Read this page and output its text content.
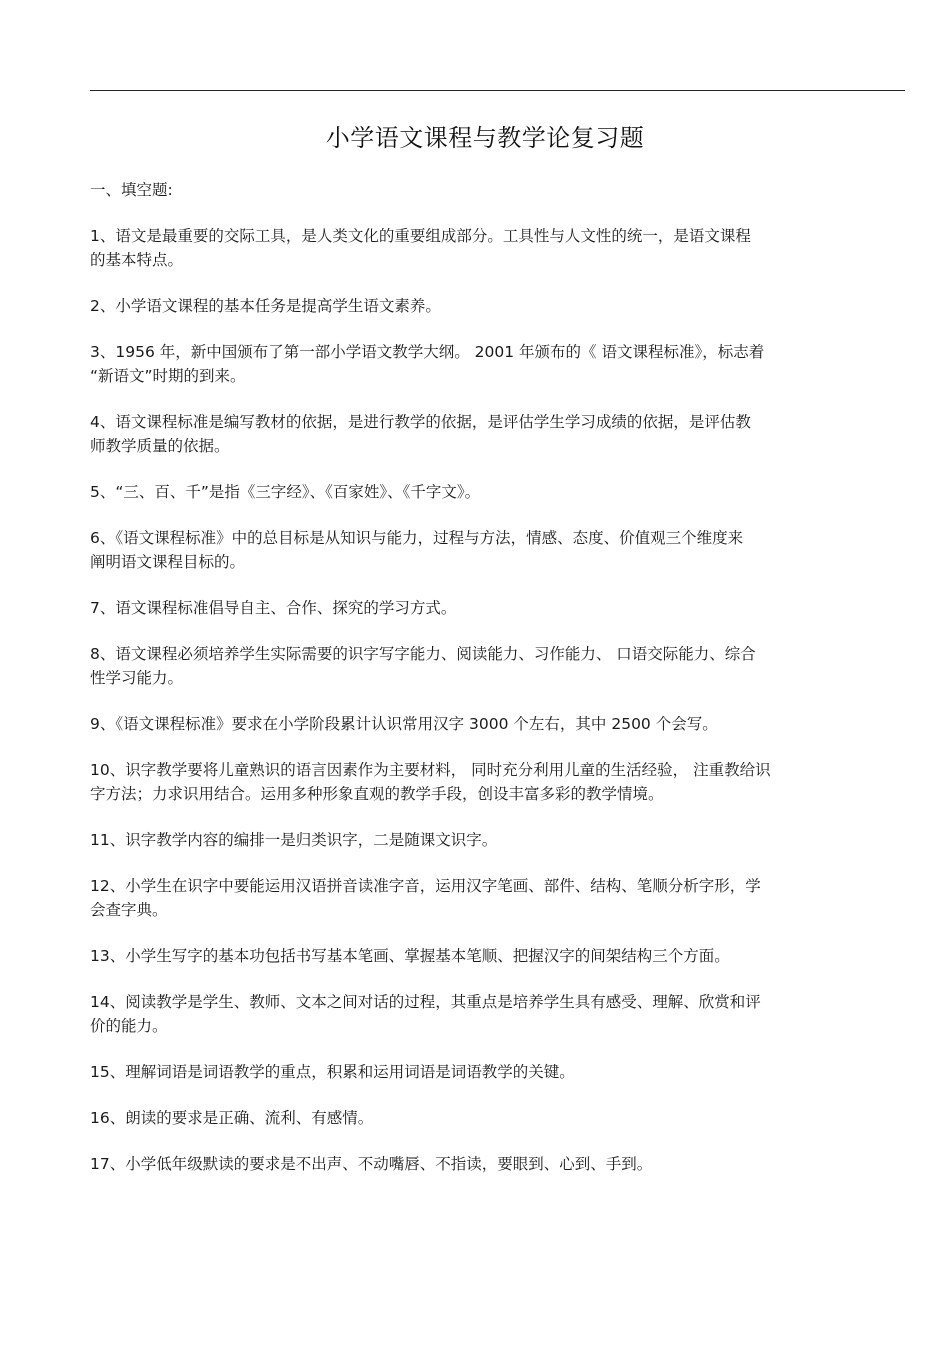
小学语文课程与教学论复习题
一、填空题:
1、语文是最重要的交际工具，是人类文化的重要组成部分。工具性与人文性的统一，是语文课程
的基本特点。
2、小学语文课程的基本任务是提高学生语文素养。
3、1956 年，新中国颁布了第一部小学语文教学大纲。 2001 年颁布的《 语文课程标准》，标志着
“新语文”时期的到来。
4、语文课程标准是编写教材的依据，是进行教学的依据，是评估学生学习成绩的依据，是评估教
师教学质量的依据。
5、“三、百、千”是指《三字经》、《百家姓》、《千字文》。
6、《语文课程标准》中的总目标是从知识与能力，过程与方法，情感、态度、价值观三个维度来
阐明语文课程目标的。
7、语文课程标准倡导自主、合作、探究的学习方式。
8、语文课程必须培养学生实际需要的识字写字能力、阅读能力、习作能力、 口语交际能力、综合
性学习能力。
9、《语文课程标准》要求在小学阶段累计认识常用汉字 3000 个左右，其中 2500 个会写。
10、识字教学要将儿童熟识的语言因素作为主要材料， 同时充分利用儿童的生活经验， 注重教给识
字方法；力求识用结合。运用多种形象直观的教学手段，创设丰富多彩的教学情境。
11、识字教学内容的编排一是归类识字，二是随课文识字。
12、小学生在识字中要能运用汉语拼音读准字音，运用汉字笔画、部件、结构、笔顺分析字形，学
会查字典。
13、小学生写字的基本功包括书写基本笔画、掌握基本笔顺、把握汉字的间架结构三个方面。
14、阅读教学是学生、教师、文本之间对话的过程，其重点是培养学生具有感受、理解、欣赏和评
价的能力。
15、理解词语是词语教学的重点，积累和运用词语是词语教学的关键。
16、朗读的要求是正确、流利、有感情。
17、小学低年级默读的要求是不出声、不动嘴唇、不指读，要眼到、心到、手到。
